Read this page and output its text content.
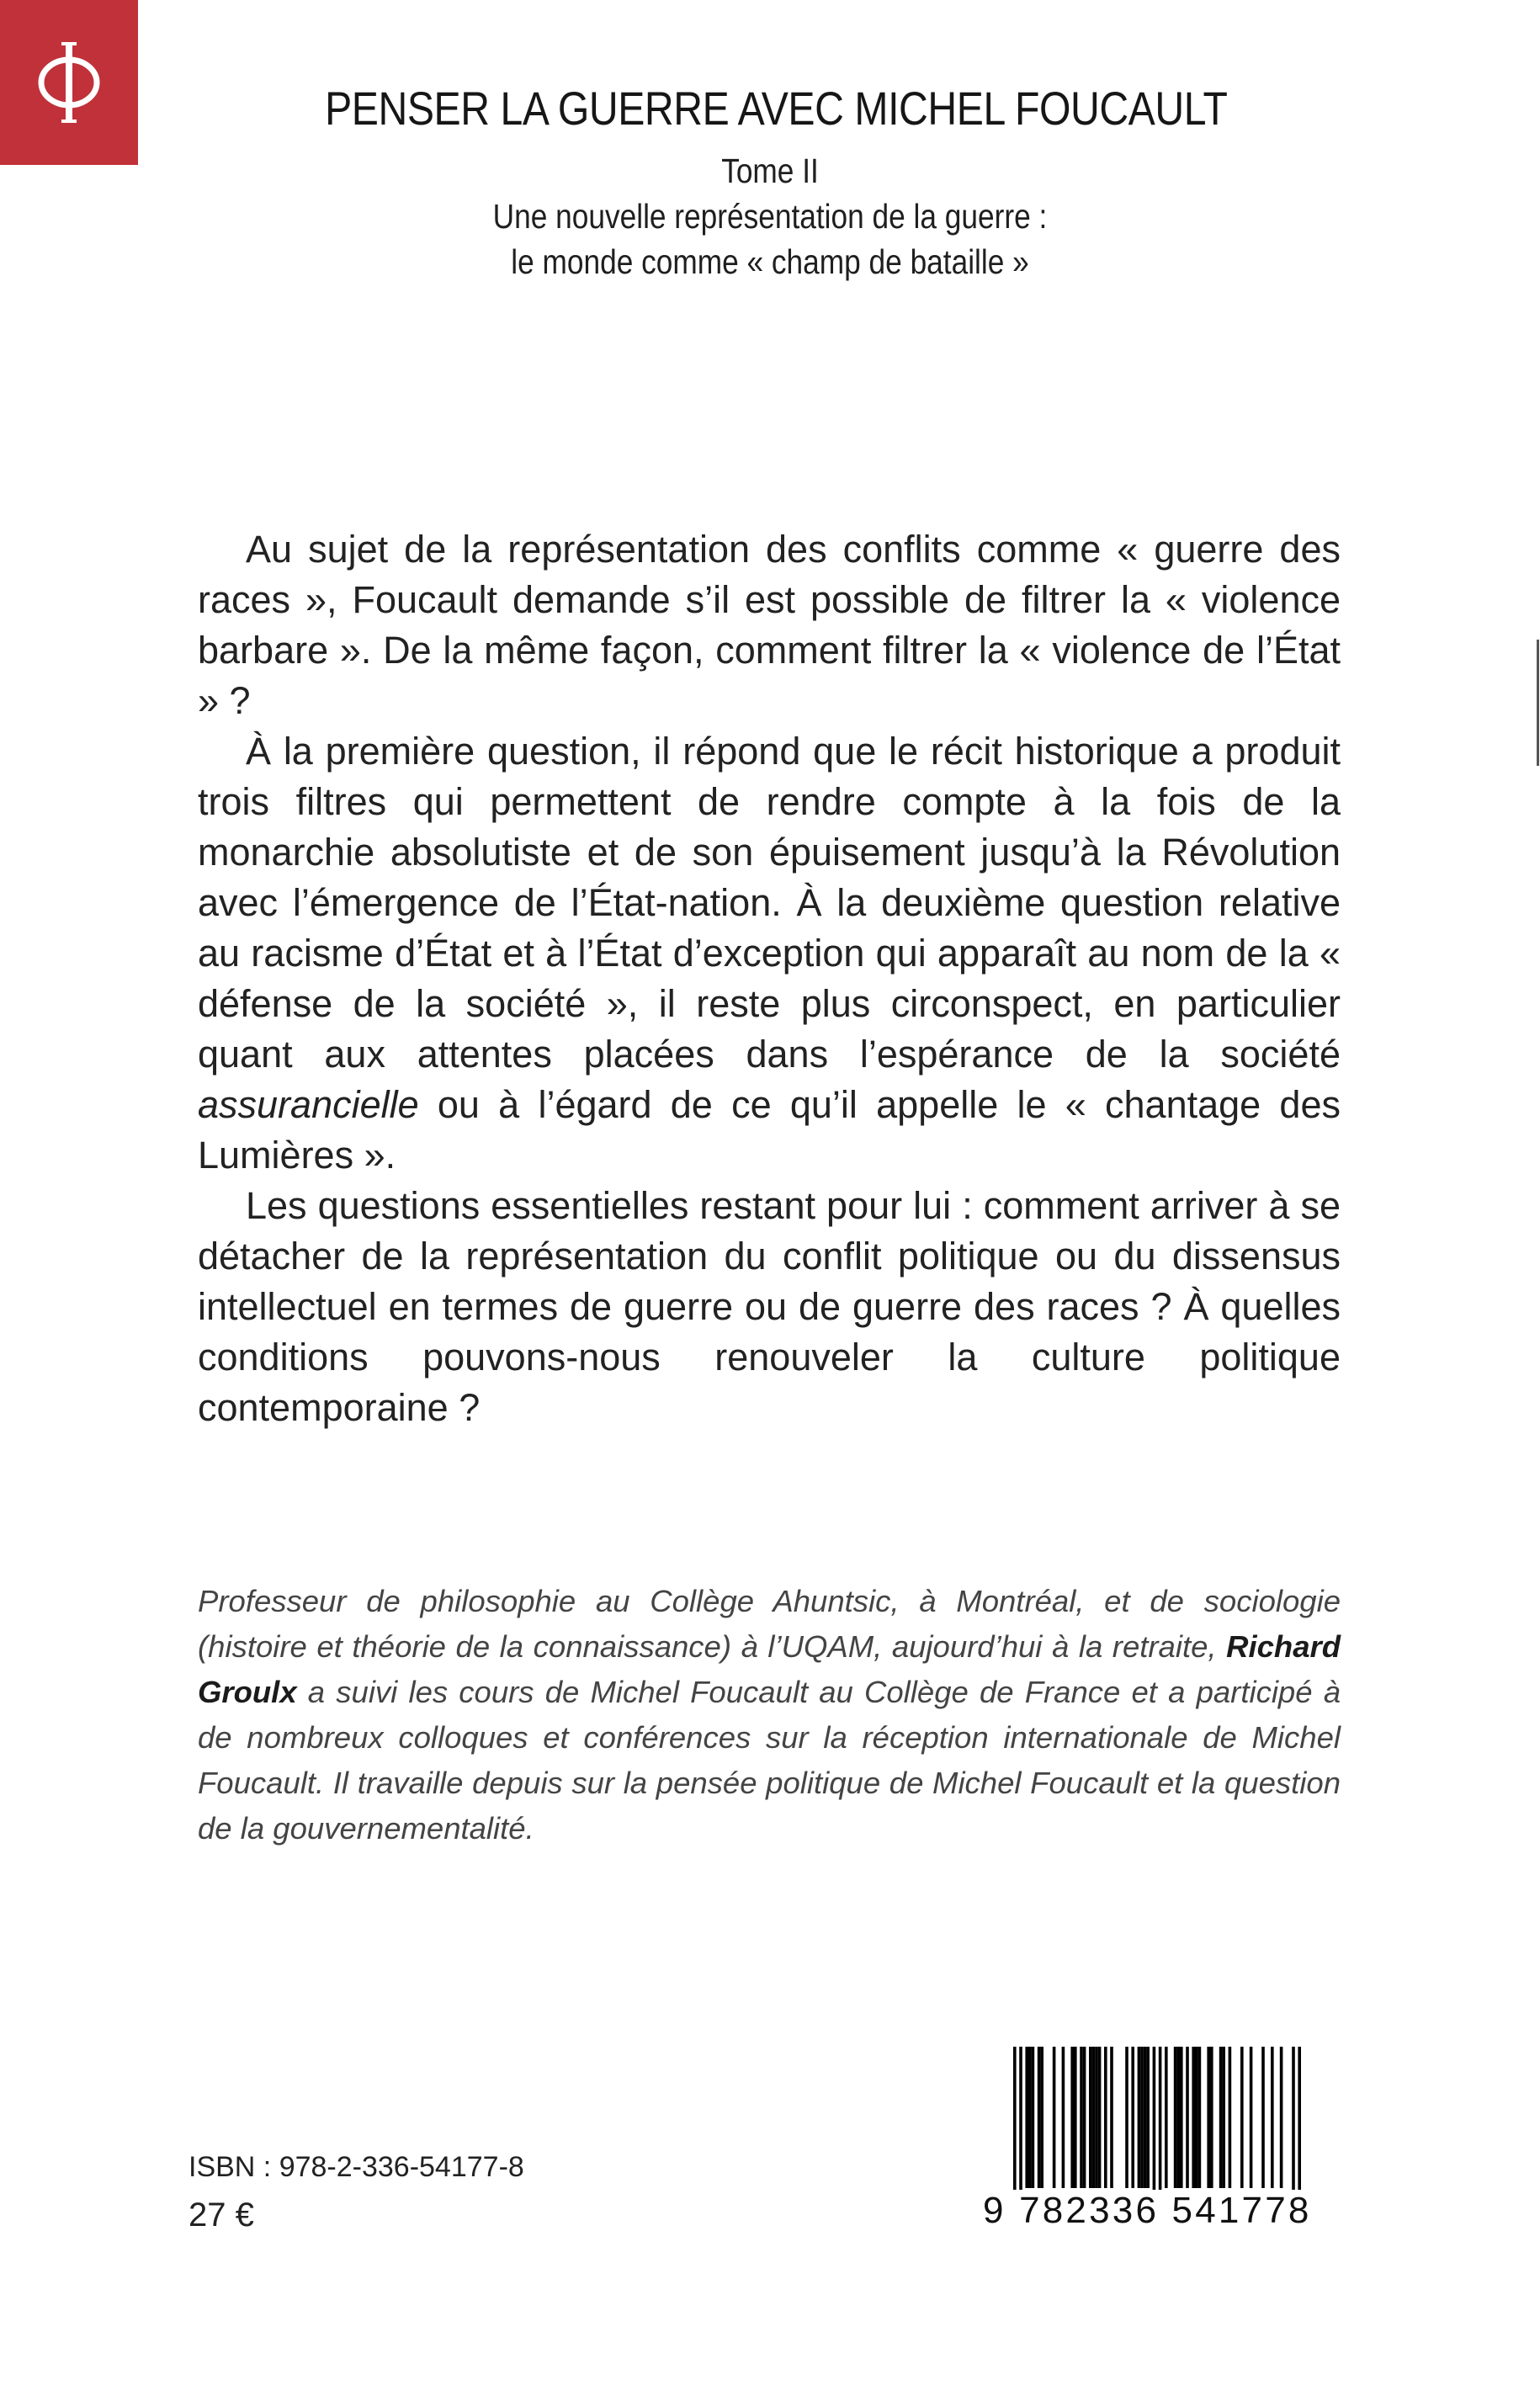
PENSER LA GUERRE AVEC MICHEL FOUCAULT
Tome II
Une nouvelle représentation de la guerre :
le monde comme « champ de bataille »

Au sujet de la représentation des conflits comme « guerre des races », Foucault demande s’il est possible de filtrer la « violence barbare ». De la même façon, comment filtrer la « violence de l’État » ?

À la première question, il répond que le récit historique a produit trois filtres qui permettent de rendre compte à la fois de la monarchie absolutiste et de son épuisement jusqu’à la Révolution avec l’émergence de l’État-nation. À la deuxième question relative au racisme d’État et à l’État d’exception qui apparaît au nom de la « défense de la société », il reste plus circonspect, en particulier quant aux attentes placées dans l’espérance de la société assurancielle ou à l’égard de ce qu’il appelle le « chantage des Lumières ».

Les questions essentielles restant pour lui : comment arriver à se détacher de la représentation du conflit politique ou du dissensus intellectuel en termes de guerre ou de guerre des races ? À quelles conditions pouvons-nous renouveler la culture politique contemporaine ?

Professeur de philosophie au Collège Ahuntsic, à Montréal, et de sociologie (histoire et théorie de la connaissance) à l’UQAM, aujourd’hui à la retraite, Richard Groulx a suivi les cours de Michel Foucault au Collège de France et a participé à de nombreux colloques et conférences sur la réception internationale de Michel Foucault. Il travaille depuis sur la pensée politique de Michel Foucault et la question de la gouvernementalité.

ISBN : 978-2-336-54177-8
27 €	9 782336 541778
